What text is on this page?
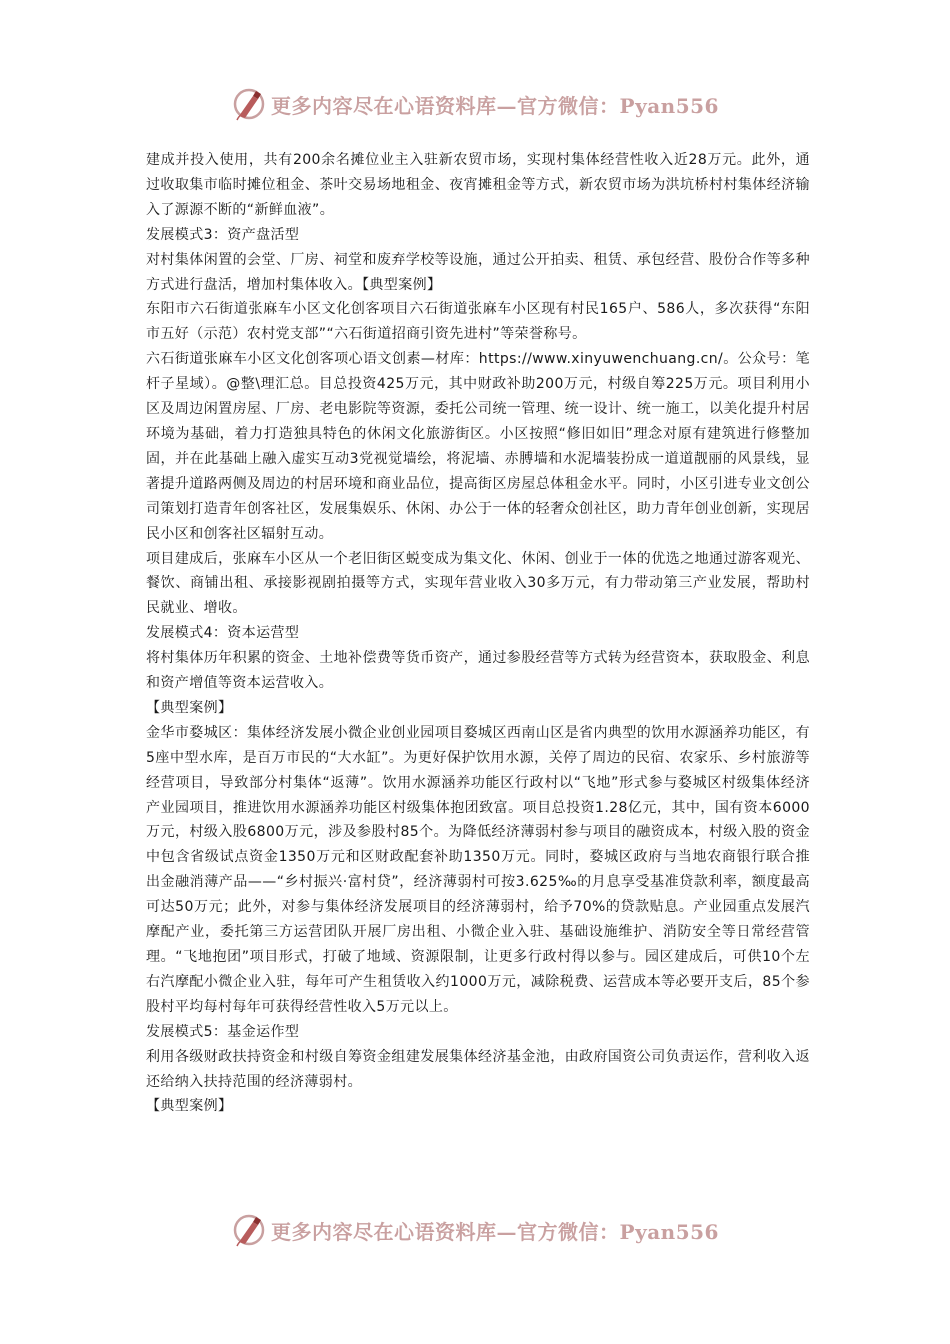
更多内容尽在心语资料库—官方微信：Pyan556

建成并投入使用，共有200余名摊位业主入驻新农贸市场，实现村集体经营性收入近28万元。此外，通过收取集市临时摊位租金、茶叶交易场地租金、夜宵摊租金等方式，新农贸市场为洪坑桥村村集体经济输入了源源不断的“新鲜血液”。

发展模式3：资产盘活型

对村集体闲置的会堂、厂房、祠堂和废弃学校等设施，通过公开拍卖、租赁、承包经营、股份合作等多种方式进行盘活，增加村集体收入。【典型案例】

东阳市六石街道张麻车小区文化创客项目六石街道张麻车小区现有村民165户、586人，多次获得“东阳市五好（示范）农村党支部”“六石街道招商引资先进村”等荣誉称号。

六石街道张麻车小区文化创客项心语文创素—材库：https://www.xinyuwenchuang.cn/。公众号：笔杆子星域）。@整\理汇总。目总投资425万元，其中财政补助200万元，村级自筹225万元。项目利用小区及周边闲置房屋、厂房、老电影院等资源，委托公司统一管理、统一设计、统一施工，以美化提升村居环境为基础，着力打造独具特色的休闲文化旅游街区。小区按照“修旧如旧”理念对原有建筑进行修整加固，并在此基础上融入虚实互动3党视觉墙绘，将泥墙、赤膊墙和水泥墙装扮成一道道靓丽的风景线，显著提升道路两侧及周边的村居环境和商业品位，提高街区房屋总体租金水平。同时，小区引进专业文创公司策划打造青年创客社区，发展集娱乐、休闲、办公于一体的轻奢众创社区，助力青年创业创新，实现居民小区和创客社区辐射互动。

项目建成后，张麻车小区从一个老旧街区蜕变成为集文化、休闲、创业于一体的优选之地通过游客观光、餐饮、商铺出租、承接影视剧拍摄等方式，实现年营业收入30多万元，有力带动第三产业发展，帮助村民就业、增收。

发展模式4：资本运营型

将村集体历年积累的资金、土地补偿费等货币资产，通过参股经营等方式转为经营资本，获取股金、利息和资产增值等资本运营收入。

【典型案例】

金华市婺城区：集体经济发展小微企业创业园项目婺城区西南山区是省内典型的饮用水源涵养功能区，有5座中型水库，是百万市民的“大水缸”。为更好保护饮用水源，关停了周边的民宿、农家乐、乡村旅游等经营项目，导致部分村集体“返薄”。饮用水源涵养功能区行政村以“飞地”形式参与婺城区村级集体经济产业园项目，推进饮用水源涵养功能区村级集体抱团致富。项目总投资1.28亿元，其中，国有资本6000万元，村级入股6800万元，涉及参股村85个。为降低经济薄弱村参与项目的融资成本，村级入股的资金中包含省级试点资金1350万元和区财政配套补助1350万元。同时，婺城区政府与当地农商银行联合推出金融消薄产品——“乡村振兴·富村贷”，经济薄弱村可按3.625‰的月息享受基准贷款利率，额度最高可达50万元；此外，对参与集体经济发展项目的经济薄弱村，给予70%的贷款贴息。产业园重点发展汽摩配产业，委托第三方运营团队开展厂房出租、小微企业入驻、基础设施维护、消防安全等日常经营管理。“飞地抱团”项目形式，打破了地域、资源限制，让更多行政村得以参与。园区建成后，可供10个左右汽摩配小微企业入驻，每年可产生租赁收入约1000万元，减除税费、运营成本等必要开支后，85个参股村平均每村每年可获得经营性收入5万元以上。

发展模式5：基金运作型

利用各级财政扶持资金和村级自筹资金组建发展集体经济基金池，由政府国资公司负责运作，营利收入返还给纳入扶持范围的经济薄弱村。

【典型案例】

更多内容尽在心语资料库—官方微信：Pyan556
